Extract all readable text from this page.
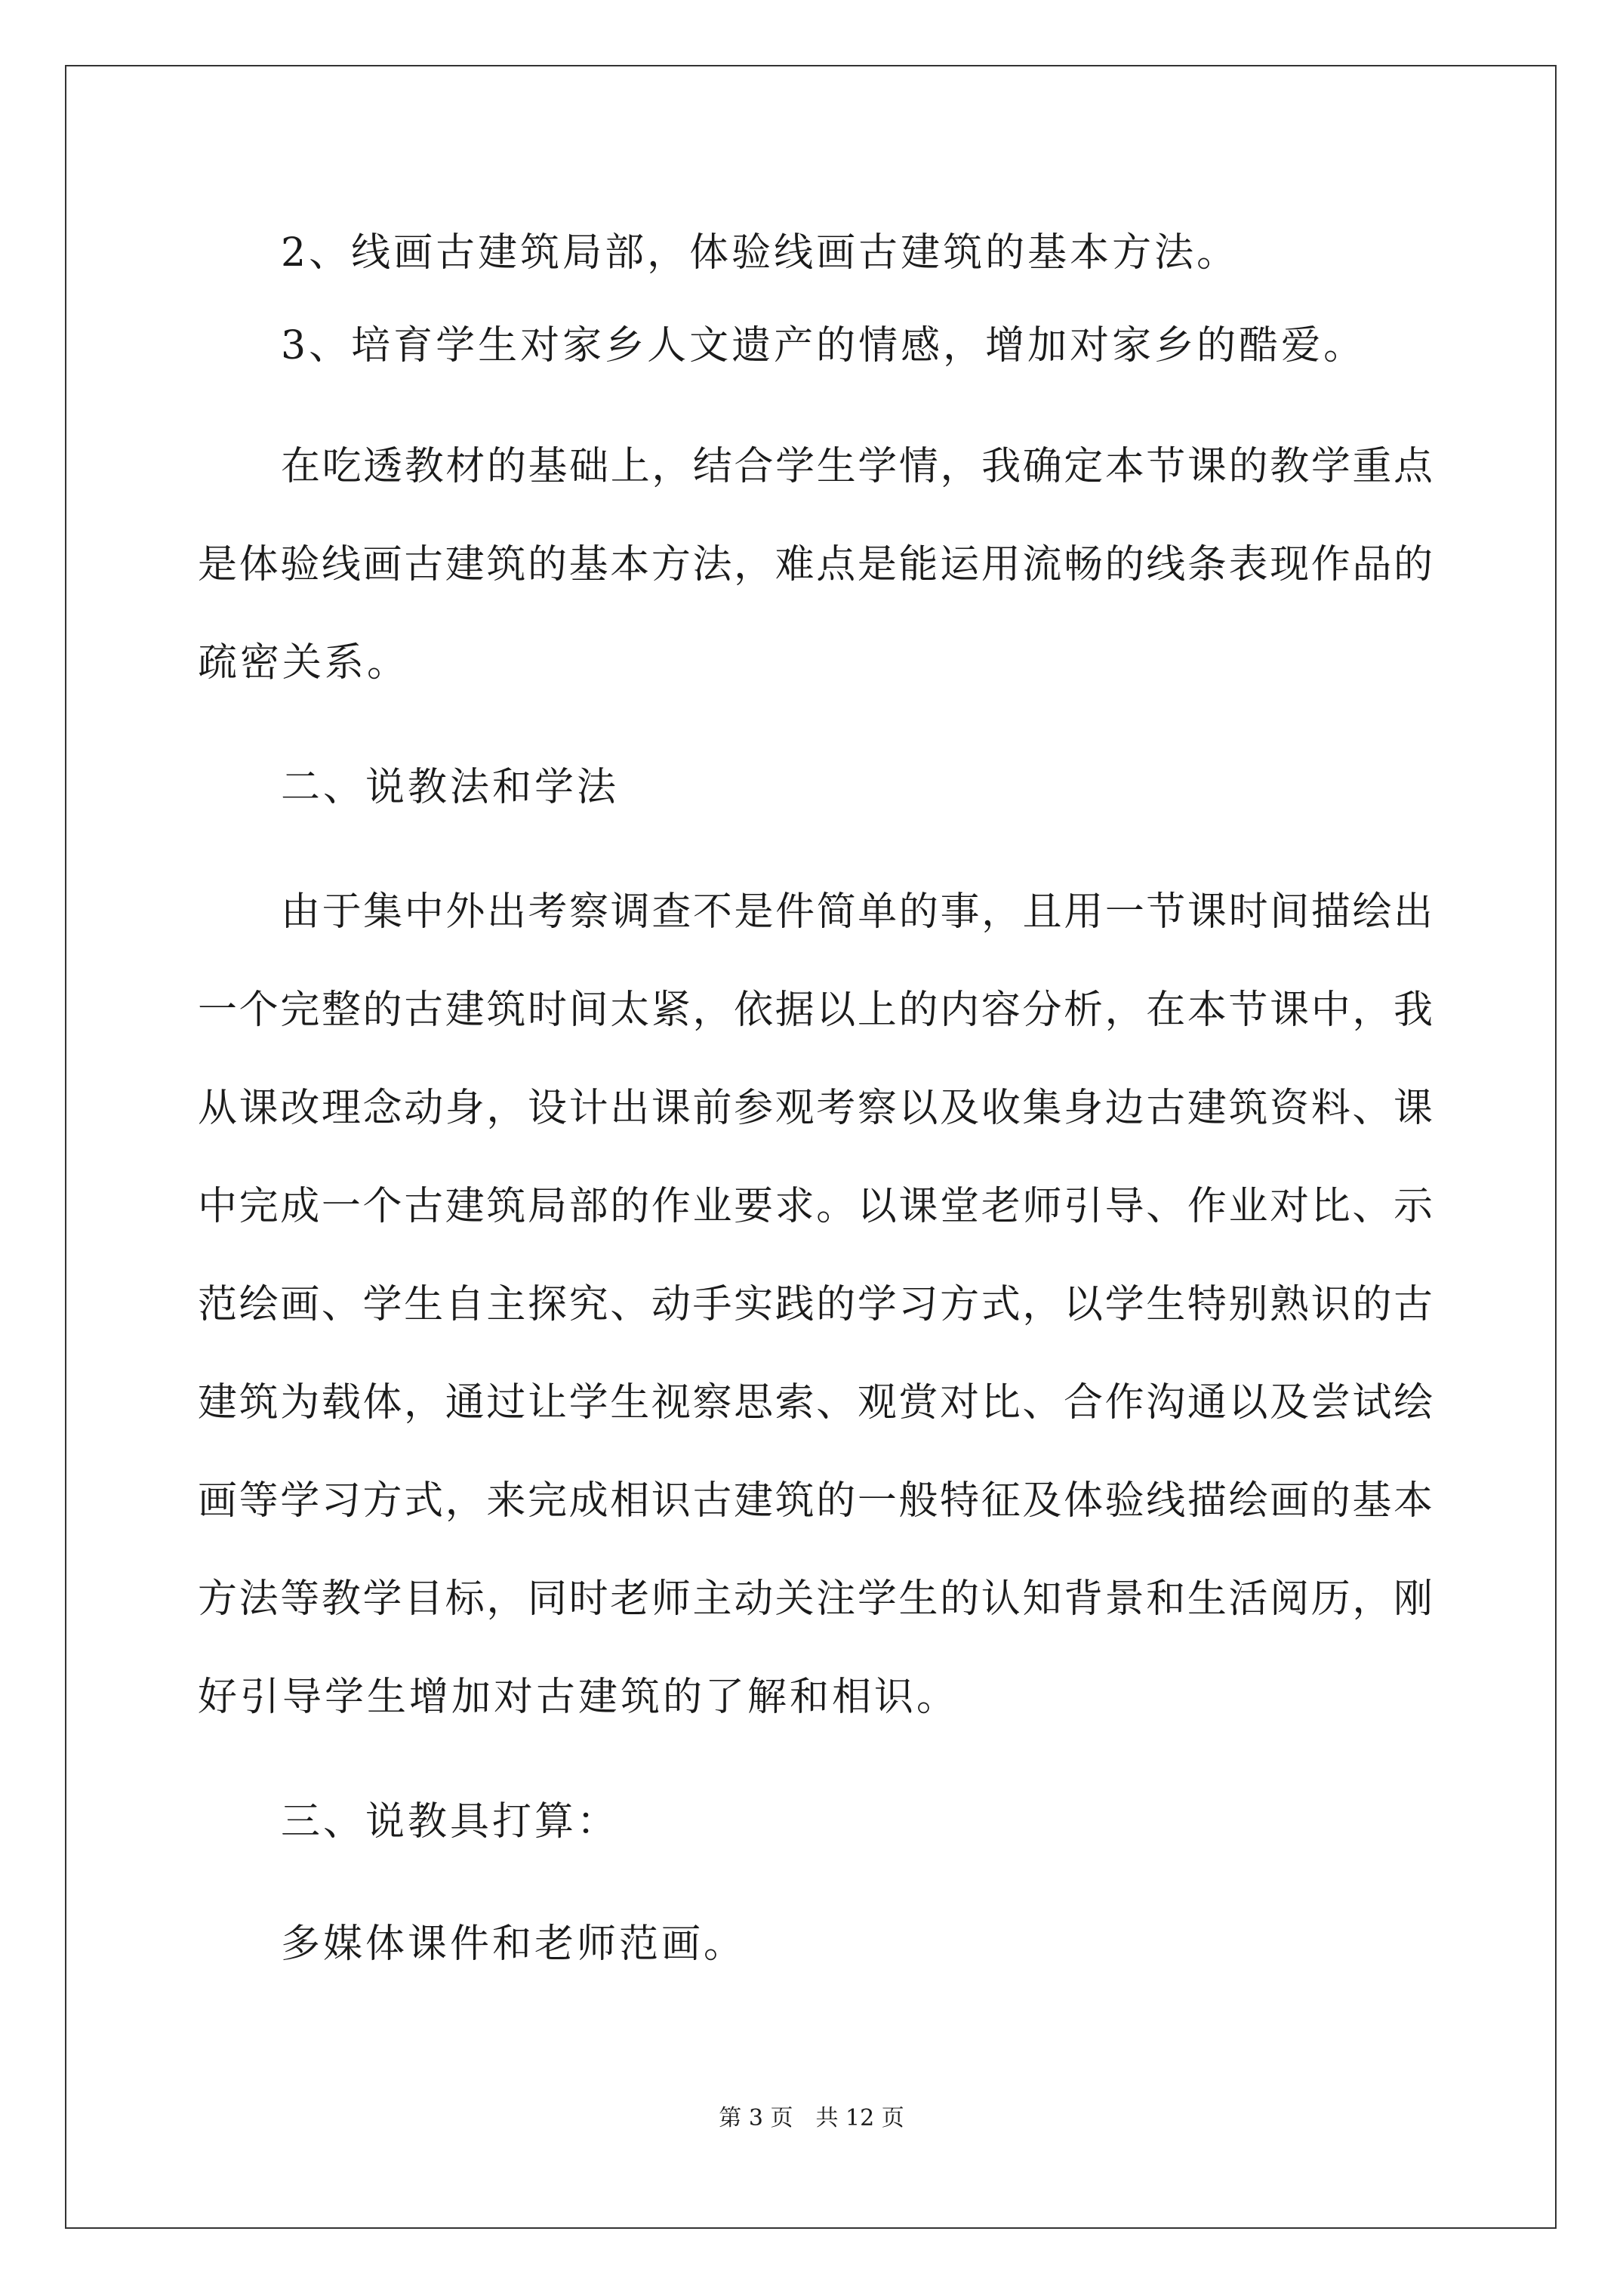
2、线画古建筑局部，体验线画古建筑的基本方法。
3、培育学生对家乡人文遗产的情感，增加对家乡的酷爱。
在吃透教材的基础上，结合学生学情，我确定本节课的教学重点
是体验线画古建筑的基本方法，难点是能运用流畅的线条表现作品的
疏密关系。
二、说教法和学法
由于集中外出考察调查不是件简单的事，且用一节课时间描绘出
一个完整的古建筑时间太紧，依据以上的内容分析，在本节课中，我
从课改理念动身，设计出课前参观考察以及收集身边古建筑资料、课
中完成一个古建筑局部的作业要求。以课堂老师引导、作业对比、示
范绘画、学生自主探究、动手实践的学习方式，以学生特别熟识的古
建筑为载体，通过让学生视察思索、观赏对比、合作沟通以及尝试绘
画等学习方式，来完成相识古建筑的一般特征及体验线描绘画的基本
方法等教学目标，同时老师主动关注学生的认知背景和生活阅历，刚
好引导学生增加对古建筑的了解和相识。
三、说教具打算：
多媒体课件和老师范画。
第 3 页　共 12 页
